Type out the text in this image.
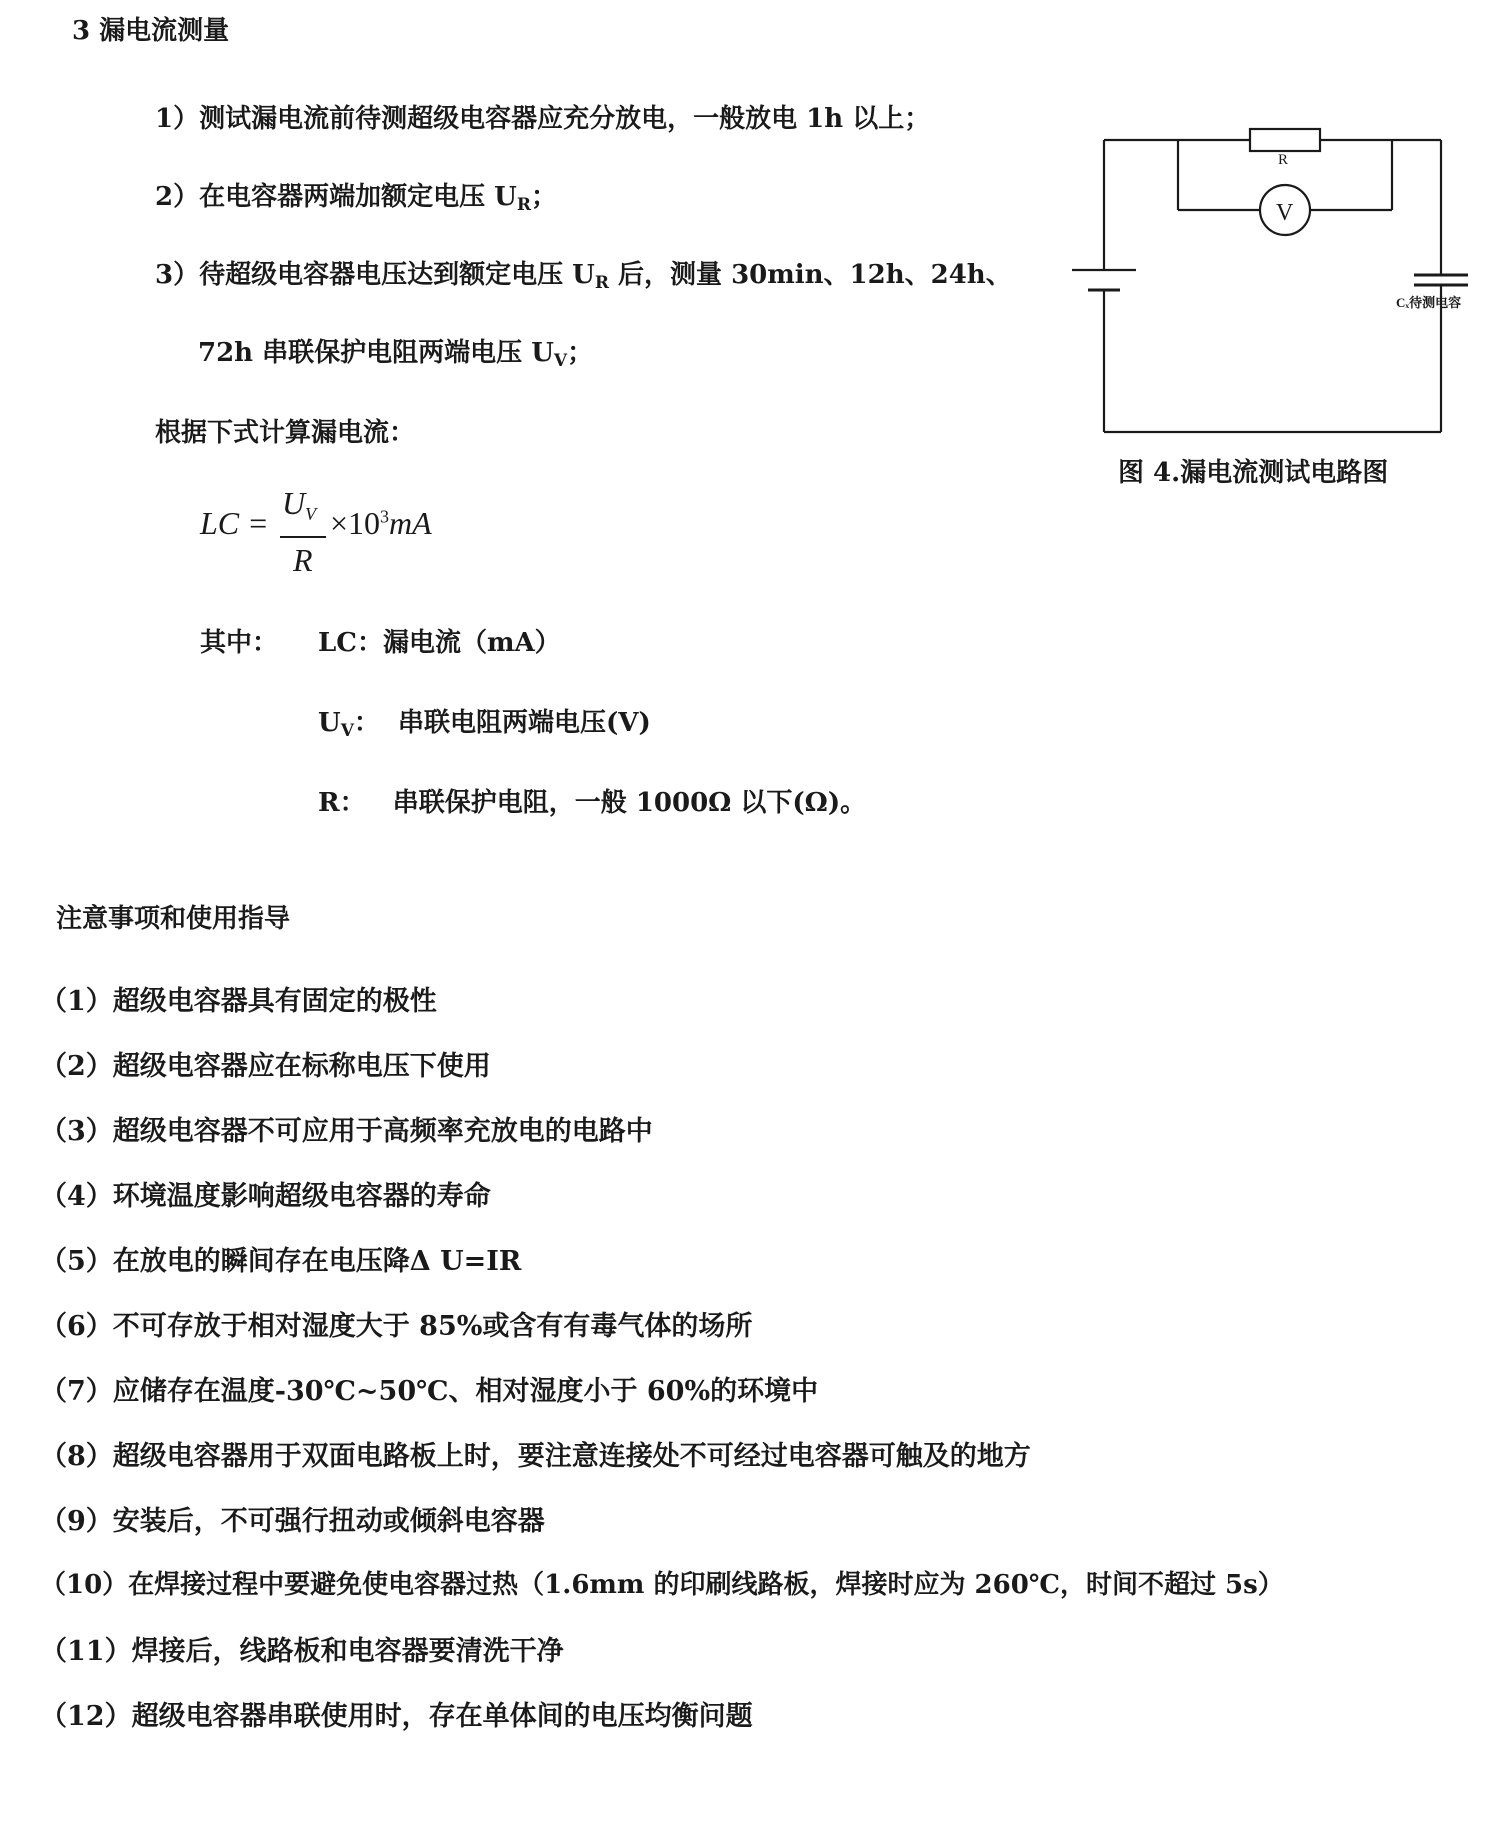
3 漏电流测量
1）测试漏电流前待测超级电容器应充分放电，一般放电 1h 以上；
2）在电容器两端加额定电压 $U_R$；
3）待超级电容器电压达到额定电压 $U_R$ 后，测量 30min、12h、24h、
72h 串联保护电阻两端电压 $U_V$；
根据下式计算漏电流：
LC =
UV
R
$\times 10^3mA$
其中： LC：漏电流（mA）
$U_V$：  串联电阻两端电压(V)
R：   串联保护电阻，一般 1000Ω 以下(Ω)。
R
V
Cₓ待测电容
图 4.漏电流测试电路图
注意事项和使用指导
（1）超级电容器具有固定的极性
（2）超级电容器应在标称电压下使用
（3）超级电容器不可应用于高频率充放电的电路中
（4）环境温度影响超级电容器的寿命
（5）在放电的瞬间存在电压降Δ U=IR
（6）不可存放于相对湿度大于 85%或含有有毒气体的场所
（7）应储存在温度-30℃~50℃、相对湿度小于 60%的环境中
（8）超级电容器用于双面电路板上时，要注意连接处不可经过电容器可触及的地方
（9）安装后，不可强行扭动或倾斜电容器
（10）在焊接过程中要避免使电容器过热（1.6mm 的印刷线路板，焊接时应为 260℃，时间不超过 5s）
（11）焊接后，线路板和电容器要清洗干净
（12）超级电容器串联使用时，存在单体间的电压均衡问题
